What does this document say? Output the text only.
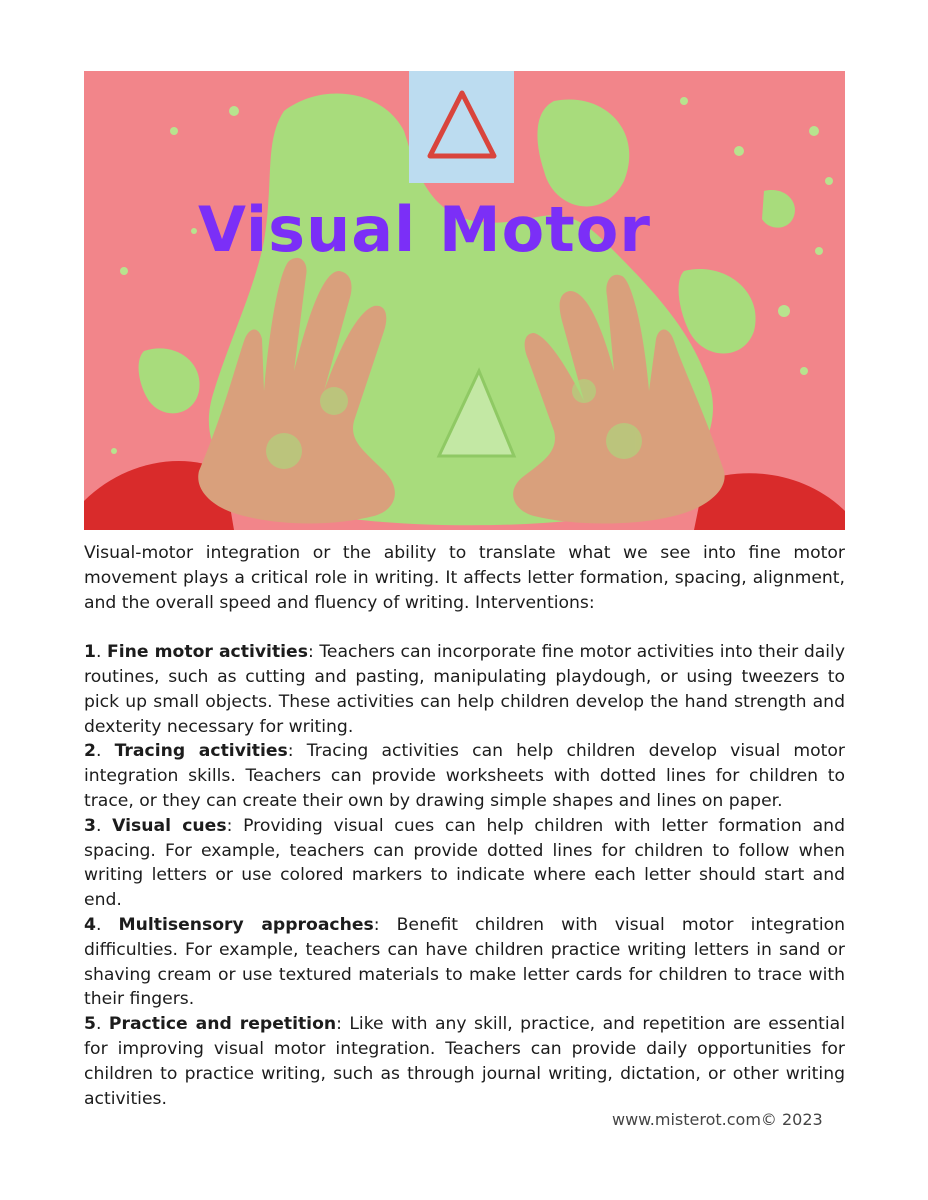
Visual Motor

Visual-motor integration or the ability to translate what we see into fine motor movement plays a critical role in writing. It affects letter formation, spacing, alignment, and the overall speed and fluency of writing. Interventions:

1. Fine motor activities: Teachers can incorporate fine motor activities into their daily routines, such as cutting and pasting, manipulating playdough, or using tweezers to pick up small objects. These activities can help children develop the hand strength and dexterity necessary for writing.

2. Tracing activities: Tracing activities can help children develop visual motor integration skills. Teachers can provide worksheets with dotted lines for children to trace, or they can create their own by drawing simple shapes and lines on paper.

3. Visual cues: Providing visual cues can help children with letter formation and spacing. For example, teachers can provide dotted lines for children to follow when writing letters or use colored markers to indicate where each letter should start and end.

4. Multisensory approaches: Benefit children with visual motor integration difficulties. For example, teachers can have children practice writing letters in sand or shaving cream or use textured materials to make letter cards for children to trace with their fingers.

5. Practice and repetition: Like with any skill, practice, and repetition are essential for improving visual motor integration. Teachers can provide daily opportunities for children to practice writing, such as through journal writing, dictation, or other writing activities.

www.misterot.com© 2023
